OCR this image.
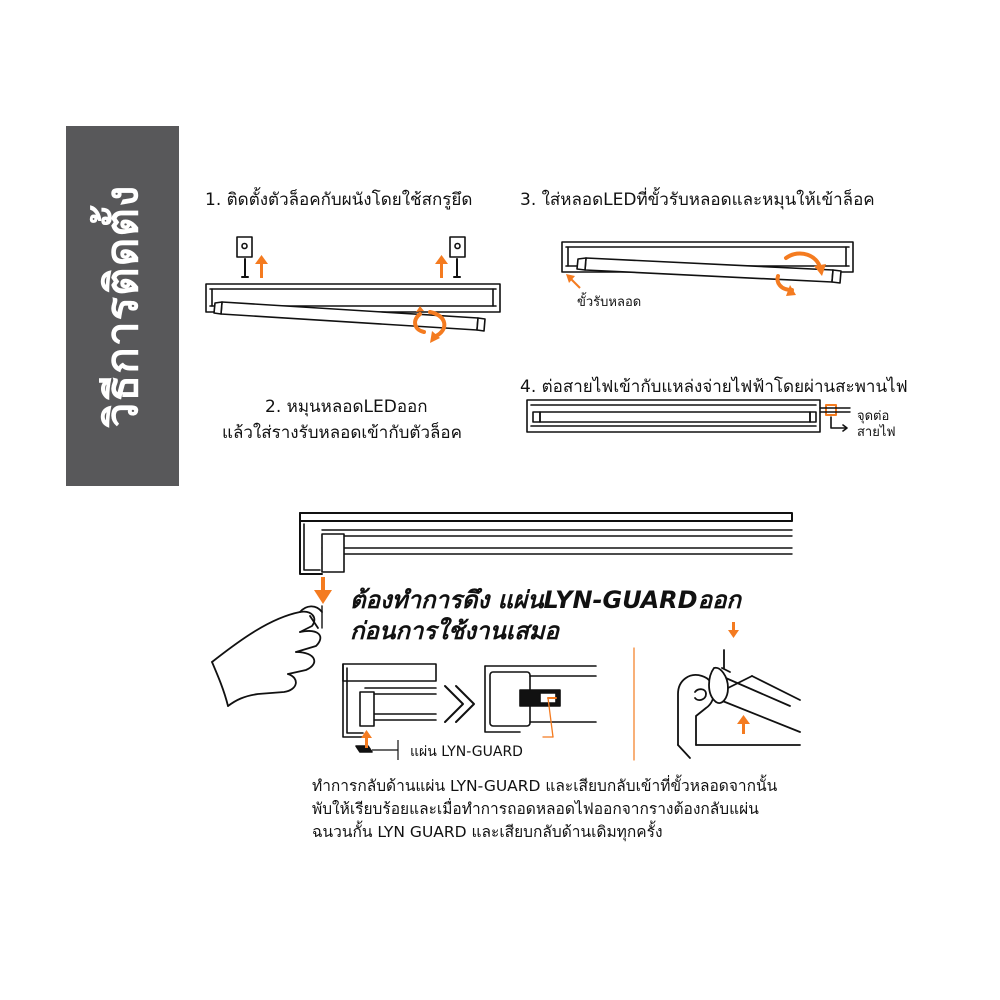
วิธีการติดตั้ง	1. ติดตั้งตัวล็อคกับผนังโดยใช้สกรูยึด
2. หมุนหลอดLEDออก
แล้วใส่รางรับหลอดเข้ากับตัวล็อค
3. ใส่หลอดLEDที่ขั้วรับหลอดและหมุนให้เข้าล็อค
ขั้วรับหลอด
4. ต่อสายไฟเข้ากับแหล่งจ่ายไฟฟ้าโดยผ่านสะพานไฟ
จุดต่อ
สายไฟ
ต้องทำการดึง แผ่นLYN-GUARDออก
ก่อนการใช้งานเสมอ
แผ่น LYN-GUARD
ทำการกลับด้านแผ่น LYN-GUARD และเสียบกลับเข้าที่ขั้วหลอดจากนั้น
พับให้เรียบร้อยและเมื่อทำการถอดหลอดไฟออกจากรางต้องกลับแผ่น
ฉนวนกั้น LYN GUARD และเสียบกลับด้านเดิมทุกครั้ง
